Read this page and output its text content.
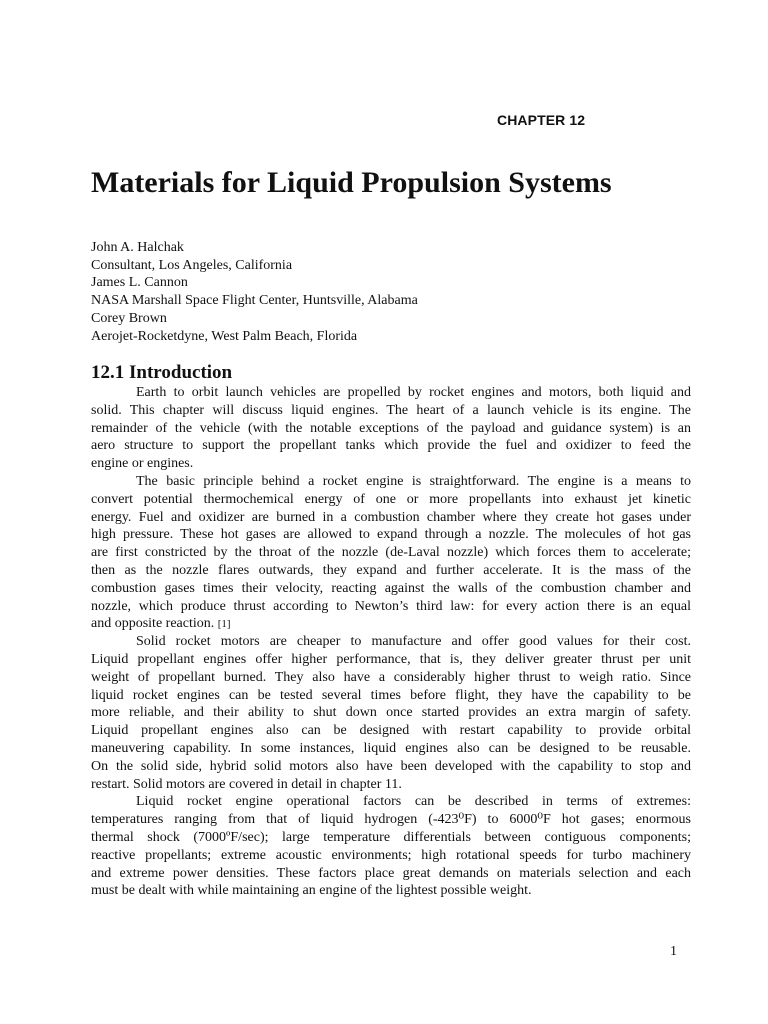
CHAPTER 12
Materials for Liquid Propulsion Systems
John A. Halchak
Consultant, Los Angeles, California
James L. Cannon
NASA Marshall Space Flight Center, Huntsville, Alabama
Corey Brown
Aerojet-Rocketdyne, West Palm Beach, Florida
12.1 Introduction
Earth to orbit launch vehicles are propelled by rocket engines and motors, both liquid and
solid. This chapter will discuss liquid engines. The heart of a launch vehicle is its engine. The
remainder of the vehicle (with the notable exceptions of the payload and guidance system) is an
aero structure to support the propellant tanks which provide the fuel and oxidizer to feed the
engine or engines.
The basic principle behind a rocket engine is straightforward. The engine is a means to
convert potential thermochemical energy of one or more propellants into exhaust jet kinetic
energy. Fuel and oxidizer are burned in a combustion chamber where they create hot gases under
high pressure. These hot gases are allowed to expand through a nozzle. The molecules of hot gas
are first constricted by the throat of the nozzle (de-Laval nozzle) which forces them to accelerate;
then as the nozzle flares outwards, they expand and further accelerate. It is the mass of the
combustion gases times their velocity, reacting against the walls of the combustion chamber and
nozzle, which produce thrust according to Newton’s third law: for every action there is an equal
and opposite reaction. [1]
Solid rocket motors are cheaper to manufacture and offer good values for their cost.
Liquid propellant engines offer higher performance, that is, they deliver greater thrust per unit
weight of propellant burned. They also have a considerably higher thrust to weigh ratio. Since
liquid rocket engines can be tested several times before flight, they have the capability to be
more reliable, and their ability to shut down once started provides an extra margin of safety.
Liquid propellant engines also can be designed with restart capability to provide orbital
maneuvering capability. In some instances, liquid engines also can be designed to be reusable.
On the solid side, hybrid solid motors also have been developed with the capability to stop and
restart. Solid motors are covered in detail in chapter 11.
Liquid rocket engine operational factors can be described in terms of extremes:
temperatures ranging from that of liquid hydrogen (-423⁰F) to 6000⁰F hot gases; enormous
thermal shock (7000ºF/sec); large temperature differentials between contiguous components;
reactive propellants; extreme acoustic environments; high rotational speeds for turbo machinery
and extreme power densities. These factors place great demands on materials selection and each
must be dealt with while maintaining an engine of the lightest possible weight.
1
